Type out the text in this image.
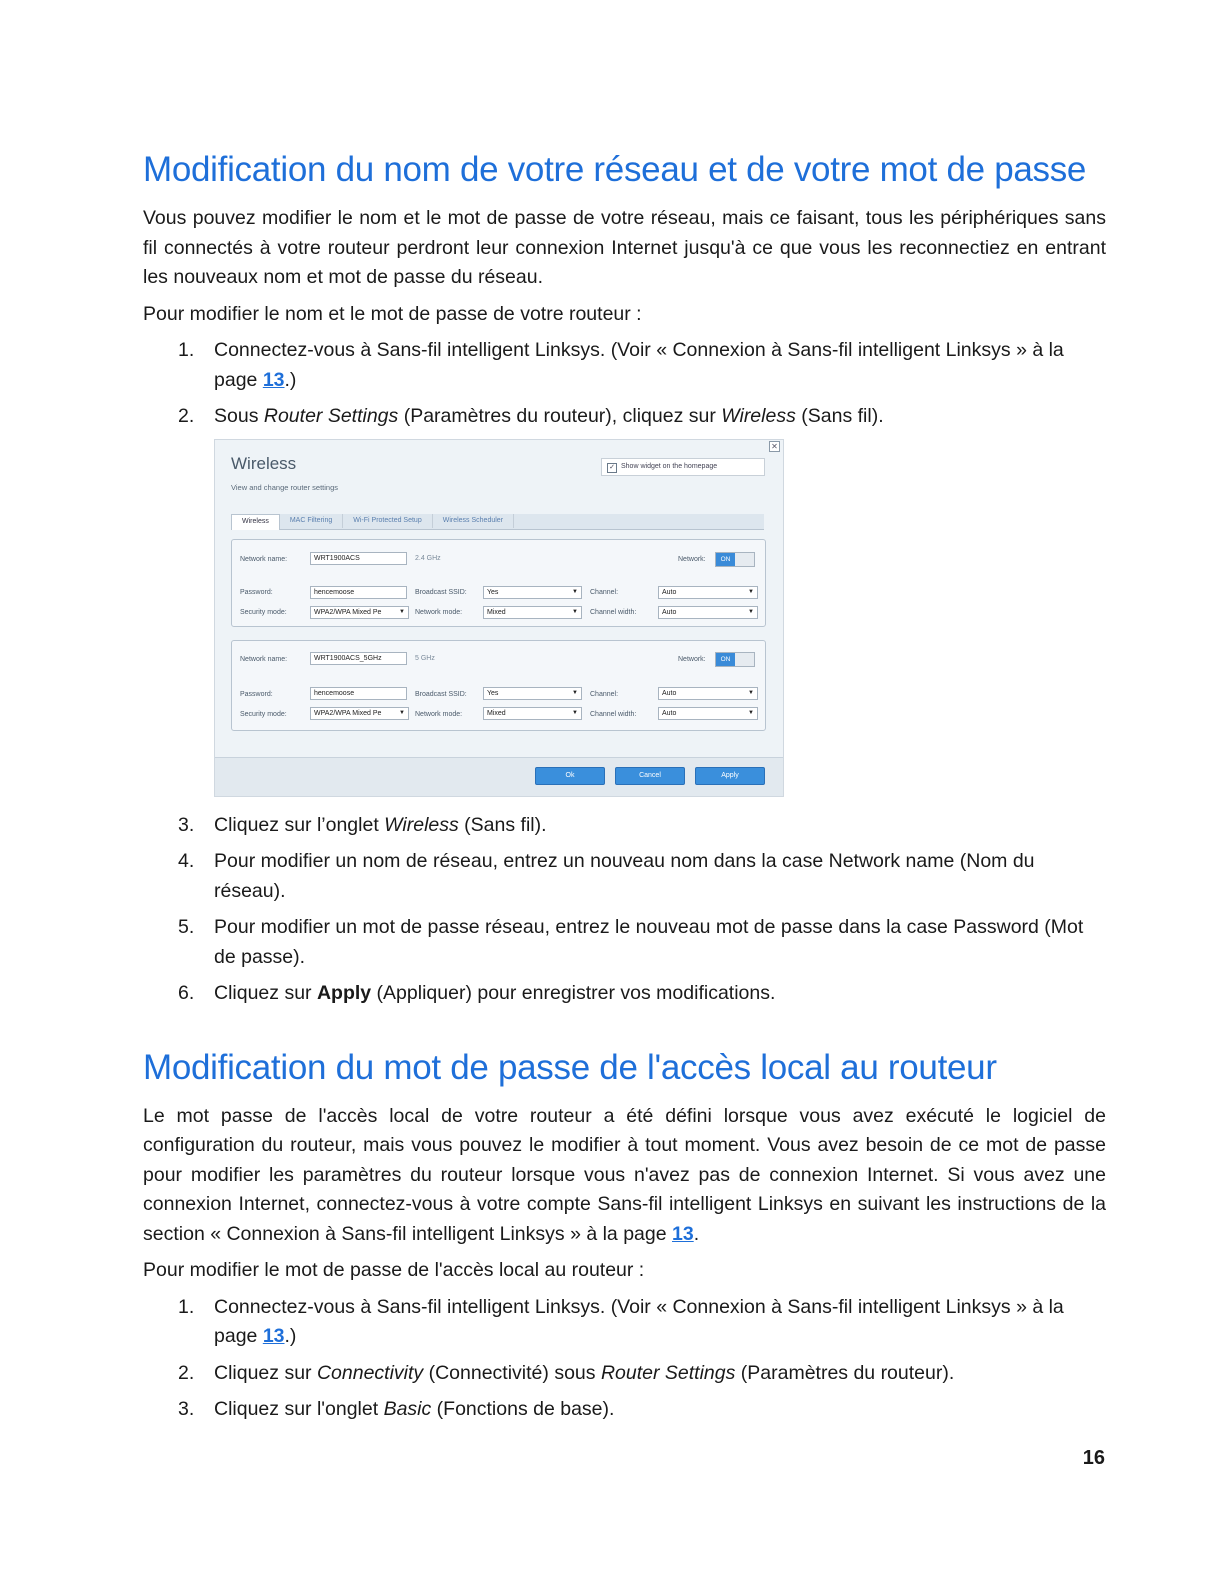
Modification du nom de votre réseau et de votre mot de passe

Vous pouvez modifier le nom et le mot de passe de votre réseau, mais ce faisant, tous les périphériques sans fil connectés à votre routeur perdront leur connexion Internet jusqu'à ce que vous les reconnectiez en entrant les nouveaux nom et mot de passe du réseau.

Pour modifier le nom et le mot de passe de votre routeur :

1. Connectez-vous à Sans-fil intelligent Linksys. (Voir « Connexion à Sans-fil intelligent Linksys » à la page 13.)
2. Sous Router Settings (Paramètres du routeur), cliquez sur Wireless (Sans fil).
✕
Wireless
View and change router settings
✓ Show widget on the homepage
Wireless	MAC Filtering	Wi-Fi Protected Setup	Wireless Scheduler
Network name:	WRT1900ACS	2.4 GHz	Network:	ON
Password:	hencemoose	Broadcast SSID:	Yes	▼ Channel:	Auto	▼
Security mode:	WPA2/WPA Mixed Pe	▼ Network mode:	Mixed	▼ Channel width:	Auto	▼
Network name:	WRT1900ACS_5GHz	5 GHz	Network:	ON
Password:	hencemoose	Broadcast SSID:	Yes	▼ Channel:	Auto	▼
Security mode:	WPA2/WPA Mixed Pe	▼ Network mode:	Mixed	▼ Channel width:	Auto	▼
Ok	Cancel	Apply
3. Cliquez sur l’onglet Wireless (Sans fil).
4. Pour modifier un nom de réseau, entrez un nouveau nom dans la case Network name (Nom du réseau).
5. Pour modifier un mot de passe réseau, entrez le nouveau mot de passe dans la case Password (Mot de passe).
6. Cliquez sur Apply (Appliquer) pour enregistrer vos modifications.
Modification du mot de passe de l'accès local au routeur

Le mot passe de l'accès local de votre routeur a été défini lorsque vous avez exécuté le logiciel de configuration du routeur, mais vous pouvez le modifier à tout moment. Vous avez besoin de ce mot de passe pour modifier les paramètres du routeur lorsque vous n'avez pas de connexion Internet. Si vous avez une connexion Internet, connectez-vous à votre compte Sans-fil intelligent Linksys en suivant les instructions de la section « Connexion à Sans-fil intelligent Linksys » à la page 13.

Pour modifier le mot de passe de l'accès local au routeur :

1. Connectez-vous à Sans-fil intelligent Linksys. (Voir « Connexion à Sans-fil intelligent Linksys » à la page 13.)
2. Cliquez sur Connectivity (Connectivité) sous Router Settings (Paramètres du routeur).
3. Cliquez sur l'onglet Basic (Fonctions de base).
16
